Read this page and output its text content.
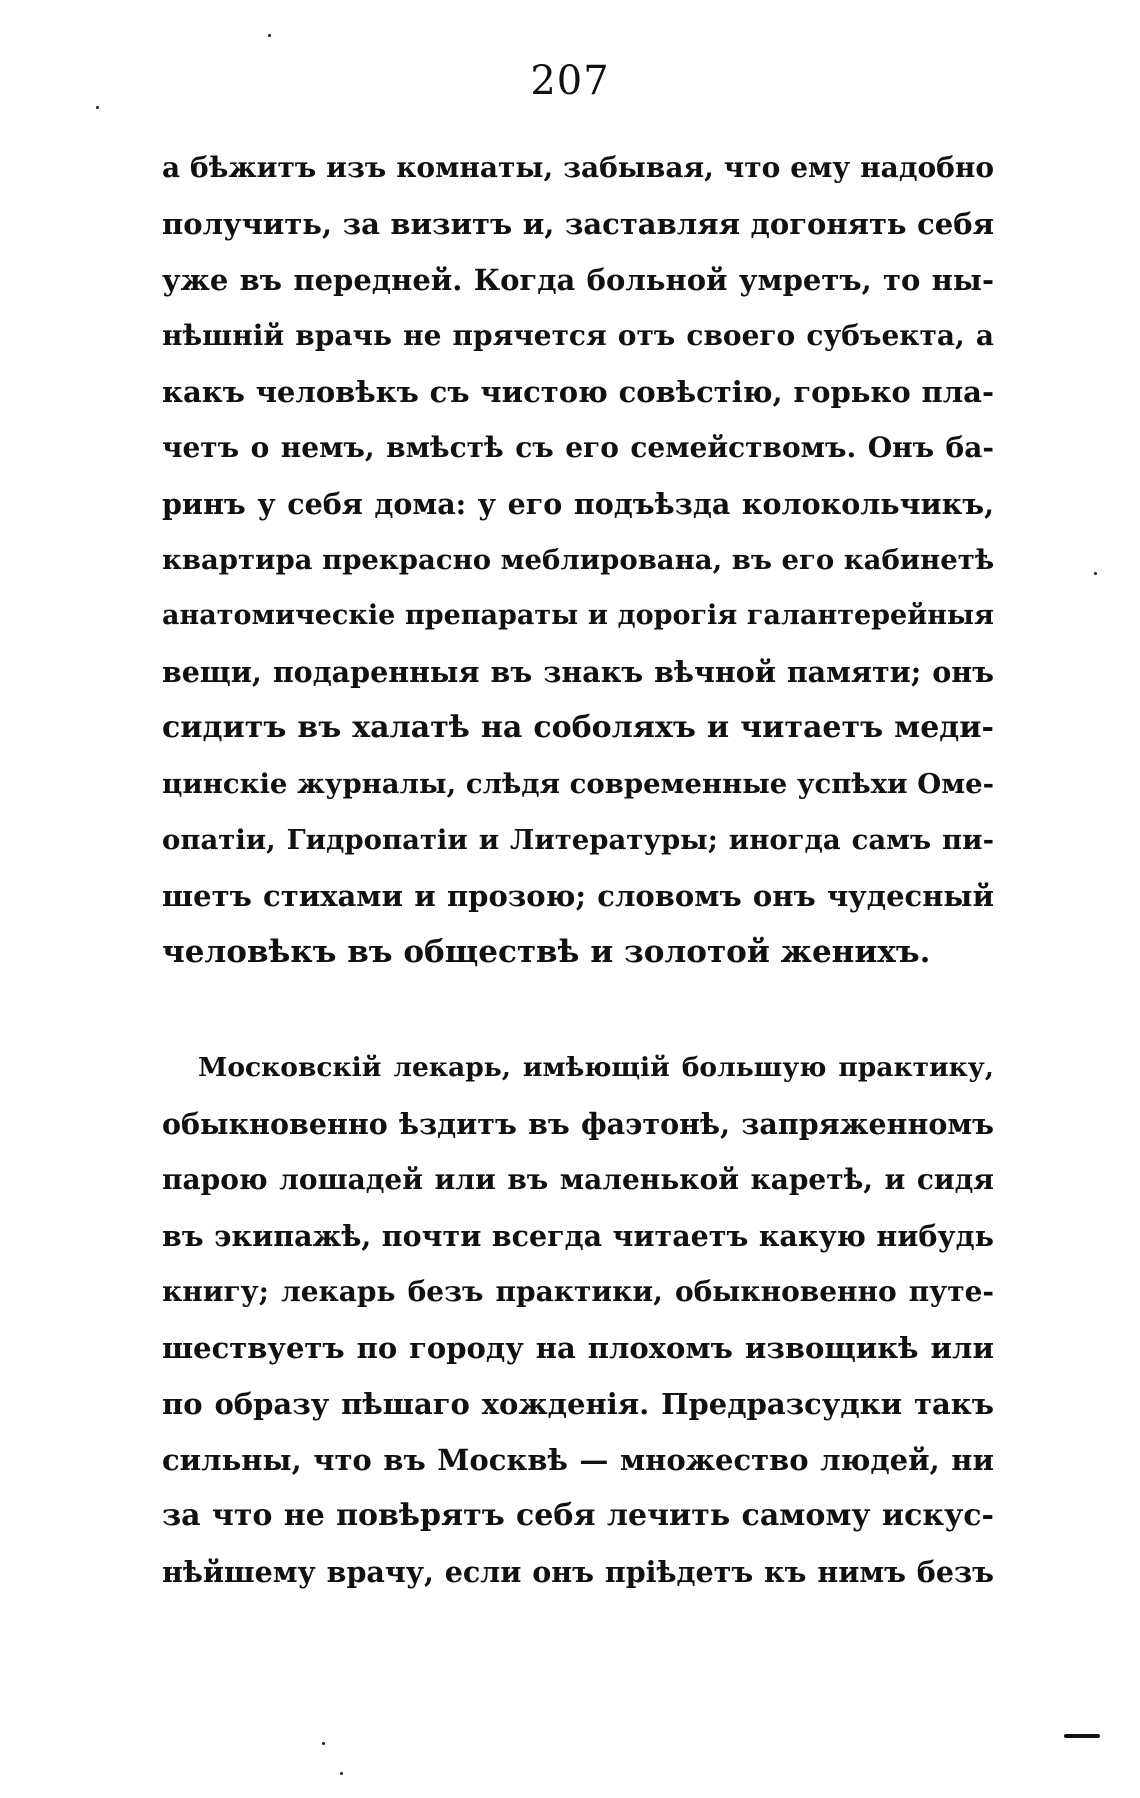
207
а бѣжитъ изъ комнаты, забывая, что ему надобно
получить, за визитъ и, заставляя догонять себя
уже въ передней. Когда больной умретъ, то ны-
нѣшній врачь не прячется отъ своего субъекта, а
какъ человѣкъ съ чистою совѣстію, горько пла-
четъ о немъ, вмѣстѣ съ его семействомъ. Онъ ба-
ринъ у себя дома: у его подъѣзда колокольчикъ,
квартира прекрасно меблирована, въ его кабинетѣ
анатомическіе препараты и дорогія галантерейныя
вещи, подаренныя въ знакъ вѣчной памяти; онъ
сидитъ въ халатѣ на соболяхъ и читаетъ меди-
цинскіе журналы, слѣдя современные успѣхи Оме-
опатіи, Гидропатіи и Литературы; иногда самъ пи-
шетъ стихами и прозою; словомъ онъ чудесный
человѣкъ въ обществѣ и золотой женихъ.
Московскій лекарь, имѣющій большую практику,
обыкновенно ѣздитъ въ фаэтонѣ, запряженномъ
парою лошадей или въ маленькой каретѣ, и сидя
въ экипажѣ, почти всегда читаетъ какую нибудь
книгу; лекарь безъ практики, обыкновенно путе-
шествуетъ по городу на плохомъ извощикѣ или
по образу пѣшаго хожденія. Предразсудки такъ
сильны, что въ Москвѣ — множество людей, ни
за что не повѣрятъ себя лечить самому искус-
нѣйшему врачу, если онъ пріѣдетъ къ нимъ безъ
